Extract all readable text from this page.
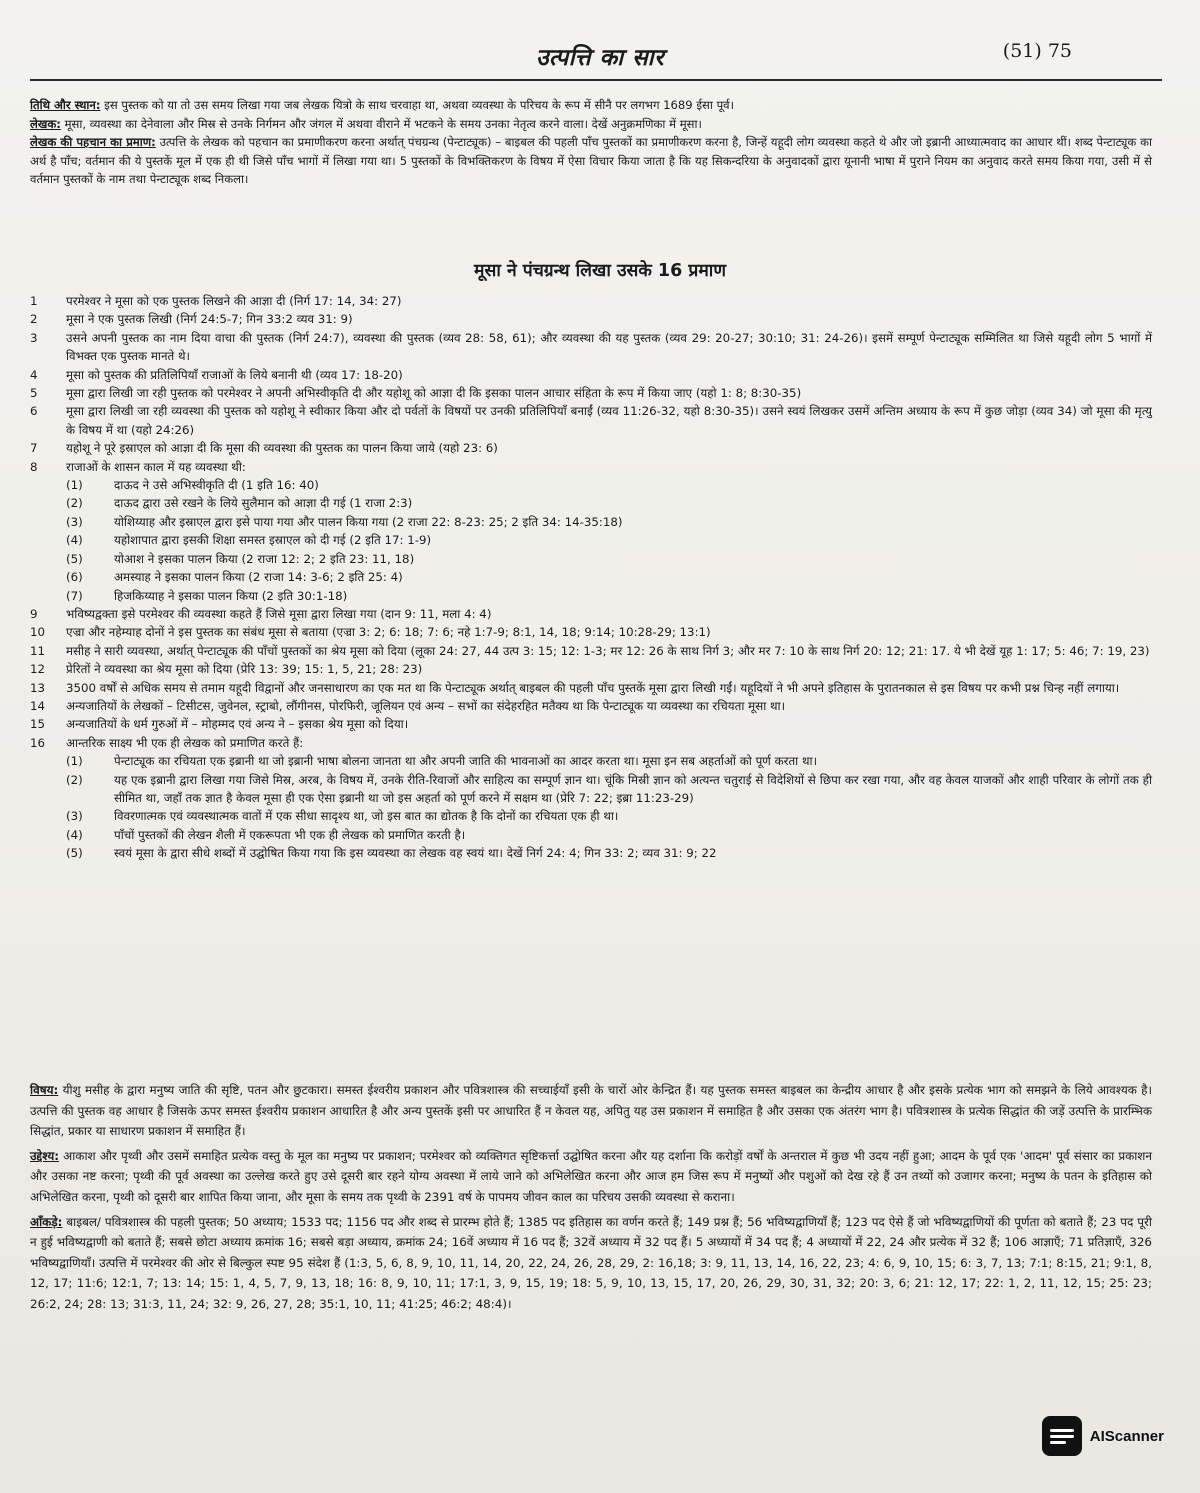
उत्पत्ति का सार	(51) 75

तिथि और स्थान: इस पुस्तक को या तो उस समय लिखा गया जब लेखक यित्रो के साथ चरवाहा था, अथवा व्यवस्था के परिचय के रूप में सीनै पर लगभग 1689 ईसा पूर्व।

लेखक: मूसा, व्यवस्था का देनेवाला और मिस्र से उनके निर्गमन और जंगल में अथवा वीराने में भटकने के समय उनका नेतृत्व करने वाला। देखें अनुक्रमणिका में मूसा।

लेखक की पहचान का प्रमाण: उत्पत्ति के लेखक को पहचान का प्रमाणीकरण करना अर्थात् पंचग्रन्थ (पेन्टाट्यूक) – बाइबल की पहली पाँच पुस्तकों का प्रमाणीकरण करना है, जिन्हें यहूदी लोग व्यवस्था कहते थे और जो इब्रानी आध्यात्मवाद का आधार थीं। शब्द पेन्टाट्यूक का अर्थ है पाँच; वर्तमान की ये पुस्तकें मूल में एक ही थी जिसे पाँच भागों में लिखा गया था। 5 पुस्तकों के विभक्तिकरण के विषय में ऐसा विचार किया जाता है कि यह सिकन्दरिया के अनुवादकों द्वारा यूनानी भाषा में पुराने नियम का अनुवाद करते समय किया गया, उसी में से वर्तमान पुस्तकों के नाम तथा पेन्टाट्यूक शब्द निकला।

मूसा ने पंचग्रन्थ लिखा उसके 16 प्रमाण
1	परमेश्वर ने मूसा को एक पुस्तक लिखने की आज्ञा दी (निर्ग 17: 14, 34: 27)
2	मूसा ने एक पुस्तक लिखी (निर्ग 24:5-7; गिन 33:2 व्यव 31: 9)
3	उसने अपनी पुस्तक का नाम दिया वाचा की पुस्तक (निर्ग 24:7), व्यवस्था की पुस्तक (व्यव 28: 58, 61); और व्यवस्था की यह पुस्तक (व्यव 29: 20-27; 30:10; 31: 24-26)। इसमें सम्पूर्ण पेन्टाट्यूक सम्मिलित था जिसे यहूदी लोग 5 भागों में विभक्त एक पुस्तक मानते थे।
4	मूसा को पुस्तक की प्रतिलिपियाँ राजाओं के लिये बनानी थी (व्यव 17: 18-20)
5	मूसा द्वारा लिखी जा रही पुस्तक को परमेश्वर ने अपनी अभिस्वीकृति दी और यहोशू को आज्ञा दी कि इसका पालन आचार संहिता के रूप में किया जाए (यहो 1: 8; 8:30-35)
6	मूसा द्वारा लिखी जा रही व्यवस्था की पुस्तक को यहोशू ने स्वीकार किया और दो पर्वतों के विषयों पर उनकी प्रतिलिपियाँ बनाईं (व्यव 11:26-32, यहो 8:30-35)। उसने स्वयं लिखकर उसमें अन्तिम अध्याय के रूप में कुछ जोड़ा (व्यव 34) जो मूसा की मृत्यु के विषय में था (यहो 24:26)
7	यहोशू ने पूरे इस्राएल को आज्ञा दी कि मूसा की व्यवस्था की पुस्तक का पालन किया जाये (यहो 23: 6)
8	राजाओं के शासन काल में यह व्यवस्था थी:
(1)	दाऊद ने उसे अभिस्वीकृति दी (1 इति 16: 40)
(2)	दाऊद द्वारा उसे रखने के लिये सुलैमान को आज्ञा दी गई (1 राजा 2:3)
(3)	योशिय्याह और इस्राएल द्वारा इसे पाया गया और पालन किया गया (2 राजा 22: 8-23: 25; 2 इति 34: 14-35:18)
(4)	यहोशापात द्वारा इसकी शिक्षा समस्त इस्राएल को दी गई (2 इति 17: 1-9)
(5)	योआश ने इसका पालन किया (2 राजा 12: 2; 2 इति 23: 11, 18)
(6)	अमस्याह ने इसका पालन किया (2 राजा 14: 3-6; 2 इति 25: 4)
(7)	हिजकिय्याह ने इसका पालन किया (2 इति 30:1-18)
9	भविष्यद्वक्ता इसे परमेश्वर की व्यवस्था कहते हैं जिसे मूसा द्वारा लिखा गया (दान 9: 11, मला 4: 4)
10	एज्रा और नहेम्याह दोनों ने इस पुस्तक का संबंध मूसा से बताया (एज्रा 3: 2; 6: 18; 7: 6; नहे 1:7-9; 8:1, 14, 18; 9:14; 10:28-29; 13:1)
11	मसीह ने सारी व्यवस्था, अर्थात् पेन्टाट्यूक की पाँचों पुस्तकों का श्रेय मूसा को दिया (लूका 24: 27, 44 उत्प 3: 15; 12: 1-3; मर 12: 26 के साथ निर्ग 3; और मर 7: 10 के साथ निर्ग 20: 12; 21: 17. ये भी देखें यूह 1: 17; 5: 46; 7: 19, 23)
12	प्रेरितों ने व्यवस्था का श्रेय मूसा को दिया (प्रेरि 13: 39; 15: 1, 5, 21; 28: 23)
13	3500 वर्षों से अधिक समय से तमाम यहूदी विद्वानों और जनसाधारण का एक मत था कि पेन्टाट्यूक अर्थात् बाइबल की पहली पाँच पुस्तकें मूसा द्वारा लिखी गईं। यहूदियों ने भी अपने इतिहास के पुरातनकाल से इस विषय पर कभी प्रश्न चिन्ह नहीं लगाया।
14	अन्यजातियों के लेखकों – टिसीटस, जुवेनल, स्ट्राबो, लौंगीनस, पोरफिरी, जूलियन एवं अन्य – सभों का संदेहरहित मतैक्य था कि पेन्टाट्यूक या व्यवस्था का रचियता मूसा था।
15	अन्यजातियों के धर्म गुरुओं में – मोहम्मद एवं अन्य ने – इसका श्रेय मूसा को दिया।
16	आन्तरिक साक्ष्य भी एक ही लेखक को प्रमाणित करते हैं:
(1)	पेन्टाट्यूक का रचियता एक इब्रानी था जो इब्रानी भाषा बोलना जानता था और अपनी जाति की भावनाओं का आदर करता था। मूसा इन सब अहर्ताओं को पूर्ण करता था।
(2)	यह एक इब्रानी द्वारा लिखा गया जिसे मिस्र, अरब, के विषय में, उनके रीति-रिवाजों और साहित्य का सम्पूर्ण ज्ञान था। चूंकि मिस्री ज्ञान को अत्यन्त चतुराई से विदेशियों से छिपा कर रखा गया, और वह केवल याजकों और शाही परिवार के लोगों तक ही सीमित था, जहाँ तक ज्ञात है केवल मूसा ही एक ऐसा इब्रानी था जो इस अहर्ता को पूर्ण करने में सक्षम था (प्रेरि 7: 22; इब्रा 11:23-29)
(3)	विवरणात्मक एवं व्यवस्थात्मक वातों में एक सीधा सादृश्य था, जो इस बात का द्योतक है कि दोनों का रचियता एक ही था।
(4)	पाँचों पुस्तकों की लेखन शैली में एकरूपता भी एक ही लेखक को प्रमाणित करती है।
(5)	स्वयं मूसा के द्वारा सीधे शब्दों में उद्घोषित किया गया कि इस व्यवस्था का लेखक वह स्वयं था। देखें निर्ग 24: 4; गिन 33: 2; व्यव 31: 9; 22

विषय: यीशु मसीह के द्वारा मनुष्य जाति की सृष्टि, पतन और छुटकारा। समस्त ईश्वरीय प्रकाशन और पवित्रशास्त्र की सच्चाईयाँ इसी के चारों ओर केन्द्रित हैं। यह पुस्तक समस्त बाइबल का केन्द्रीय आधार है और इसके प्रत्येक भाग को समझने के लिये आवश्यक है। उत्पत्ति की पुस्तक वह आधार है जिसके ऊपर समस्त ईश्वरीय प्रकाशन आधारित है और अन्य पुस्तकें इसी पर आधारित हैं न केवल यह, अपितु यह उस प्रकाशन में समाहित है और उसका एक अंतरंग भाग है। पवित्रशास्त्र के प्रत्येक सिद्धांत की जड़ें उत्पत्ति के प्रारम्भिक सिद्धांत, प्रकार या साधारण प्रकाशन में समाहित हैं।

उद्देश्य: आकाश और पृथ्वी और उसमें समाहित प्रत्येक वस्तु के मूल का मनुष्य पर प्रकाशन; परमेश्वर को व्यक्तिगत सृष्टिकर्त्ता उद्घोषित करना और यह दर्शाना कि करोड़ों वर्षों के अन्तराल में कुछ भी उदय नहीं हुआ; आदम के पूर्व एक 'आदम' पूर्व संसार का प्रकाशन और उसका नष्ट करना; पृथ्वी की पूर्व अवस्था का उल्लेख करते हुए उसे दूसरी बार रहने योग्य अवस्था में लाये जाने को अभिलेखित करना और आज हम जिस रूप में मनुष्यों और पशुओं को देख रहे हैं उन तथ्यों को उजागर करना; मनुष्य के पतन के इतिहास को अभिलेखित करना, पृथ्वी को दूसरी बार शापित किया जाना, और मूसा के समय तक पृथ्वी के 2391 वर्ष के पापमय जीवन काल का परिचय उसकी व्यवस्था से कराना।

आँकड़े: बाइबल/ पवित्रशास्त्र की पहली पुस्तक; 50 अध्याय; 1533 पद; 1156 पद और शब्द से प्रारम्भ होते हैं; 1385 पद इतिहास का वर्णन करते हैं; 149 प्रश्न हैं; 56 भविष्यद्वाणियाँ हैं; 123 पद ऐसे हैं जो भविष्यद्वाणियों की पूर्णता को बताते हैं; 23 पद पूरी न हुई भविष्यद्वाणी को बताते हैं; सबसे छोटा अध्याय क्रमांक 16; सबसे बड़ा अध्याय, क्रमांक 24; 16वें अध्याय में 16 पद हैं; 32वें अध्याय में 32 पद हैं। 5 अध्यायों में 34 पद हैं; 4 अध्यायों में 22, 24 और प्रत्येक में 32 हैं; 106 आज्ञाएँ; 71 प्रतिज्ञाएँ, 326 भविष्यद्वाणियाँ। उत्पत्ति में परमेश्वर की ओर से बिल्कुल स्पष्ट 95 संदेश हैं (1:3, 5, 6, 8, 9, 10, 11, 14, 20, 22, 24, 26, 28, 29, 2: 16,18; 3: 9, 11, 13, 14, 16, 22, 23; 4: 6, 9, 10, 15; 6: 3, 7, 13; 7:1; 8:15, 21; 9:1, 8, 12, 17; 11:6; 12:1, 7; 13: 14; 15: 1, 4, 5, 7, 9, 13, 18; 16: 8, 9, 10, 11; 17:1, 3, 9, 15, 19; 18: 5, 9, 10, 13, 15, 17, 20, 26, 29, 30, 31, 32; 20: 3, 6; 21: 12, 17; 22: 1, 2, 11, 12, 15; 25: 23; 26:2, 24; 28: 13; 31:3, 11, 24; 32: 9, 26, 27, 28; 35:1, 10, 11; 41:25; 46:2; 48:4)।

AIScanner
